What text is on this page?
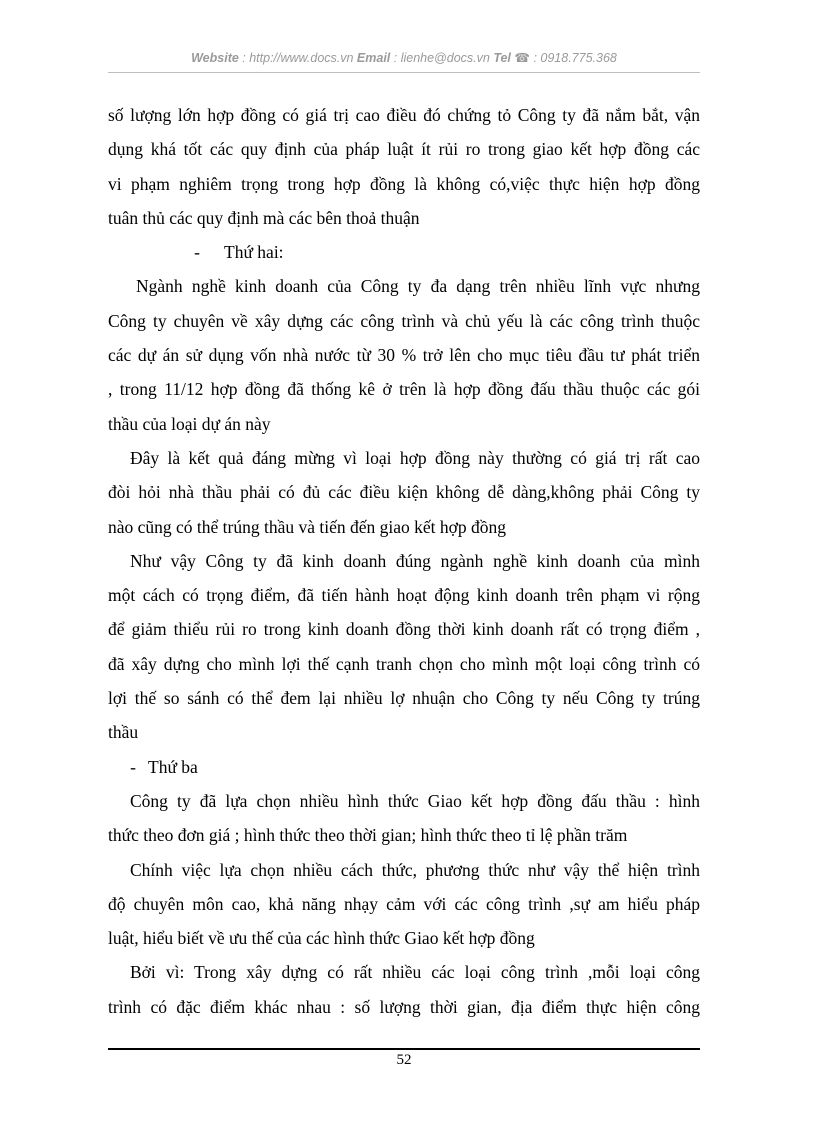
Website : http://www.docs.vn Email : lienhe@docs.vn Tel ☎ : 0918.775.368
số lượng lớn hợp đồng có giá trị cao điều đó chứng tỏ Công ty đã nắm bắt, vận
dụng khá tốt các quy định của pháp luật ít rủi ro trong giao kết hợp đồng các
vi phạm nghiêm trọng trong hợp đồng là không có,việc thực hiện hợp đồng
tuân thủ các quy định mà các bên thoả thuận
- Thứ hai:
Ngành nghề kinh doanh của Công ty đa dạng trên nhiều lĩnh vực nhưng
Công ty chuyên về xây dựng các công trình và chủ yếu là các công trình thuộc
các dự án sử dụng vốn nhà nước từ 30 % trở lên cho mục tiêu đầu tư phát triển
, trong 11/12 hợp đồng đã thống kê ở trên là hợp đồng đấu thầu thuộc các gói
thầu của loại dự án này
Đây là kết quả đáng mừng vì loại hợp đồng này thường có giá trị rất cao
đòi hỏi nhà thầu phải có đủ các điều kiện không dễ dàng,không phải Công ty
nào cũng có thể trúng thầu và tiến đến giao kết hợp đồng
Như vậy Công ty đã kinh doanh đúng ngành nghề kinh doanh của mình
một cách có trọng điểm, đã tiến hành hoạt động kinh doanh trên phạm vi rộng
để giảm thiểu rủi ro trong kinh doanh đồng thời kinh doanh rất có trọng điểm ,
đã xây dựng cho mình lợi thế cạnh tranh chọn cho mình một loại công trình có
lợi thế so sánh có thể đem lại nhiều lợ nhuận cho Công ty nếu Công ty trúng
thầu
- Thứ ba
Công ty đã lựa chọn nhiều hình thức Giao kết hợp đồng đấu thầu : hình
thức theo đơn giá ; hình thức theo thời gian; hình thức theo tỉ lệ phần trăm
Chính việc lựa chọn nhiều cách thức, phương thức như vậy thể hiện trình
độ chuyên môn cao, khả năng nhạy cảm với các công trình ,sự am hiểu pháp
luật, hiểu biết về ưu thế của các hình thức Giao kết hợp đồng
Bởi vì: Trong xây dựng có rất nhiều các loại công trình ,mỗi loại công
trình có đặc điểm khác nhau : số lượng thời gian, địa điểm thực hiện công
52
